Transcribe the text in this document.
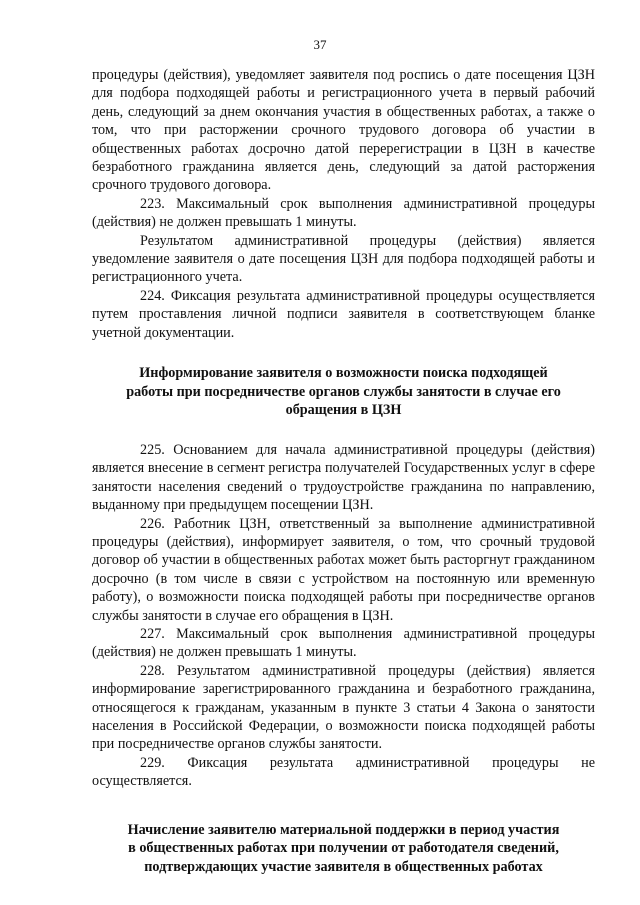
37

процедуры (действия), уведомляет заявителя под роспись о дате посещения ЦЗН для подбора подходящей работы и регистрационного учета в первый рабочий день, следующий за днем окончания участия в общественных работах, а также о том, что при расторжении срочного трудового договора об участии в общественных работах досрочно датой перерегистрации в ЦЗН в качестве безработного гражданина является день, следующий за датой расторжения срочного трудового договора.

223. Максимальный срок выполнения административной процедуры (действия) не должен превышать 1 минуты.

Результатом административной процедуры (действия) является уведомление заявителя о дате посещения ЦЗН для подбора подходящей работы и регистрационного учета.

224. Фиксация результата административной процедуры осуществляется путем проставления личной подписи заявителя в соответствующем бланке учетной документации.

Информирование заявителя о возможности поиска подходящей
работы при посредничестве органов службы занятости в случае его
обращения в ЦЗН

225. Основанием для начала административной процедуры (действия) является внесение в сегмент регистра получателей Государственных услуг в сфере занятости населения сведений о трудоустройстве гражданина по направлению, выданному при предыдущем посещении ЦЗН.

226. Работник ЦЗН, ответственный за выполнение административной процедуры (действия), информирует заявителя, о том, что срочный трудовой договор об участии в общественных работах может быть расторгнут гражданином досрочно (в том числе в связи с устройством на постоянную или временную работу), о возможности поиска подходящей работы при посредничестве органов службы занятости в случае его обращения в ЦЗН.

227. Максимальный срок выполнения административной процедуры (действия) не должен превышать 1 минуты.

228. Результатом административной процедуры (действия) является информирование зарегистрированного гражданина и безработного гражданина, относящегося к гражданам, указанным в пункте 3 статьи 4 Закона о занятости населения в Российской Федерации, о возможности поиска подходящей работы при посредничестве органов службы занятости.

229. Фиксация результата административной процедуры не осуществляется.

Начисление заявителю материальной поддержки в период участия
в общественных работах при получении от работодателя сведений,
подтверждающих участие заявителя в общественных работах
